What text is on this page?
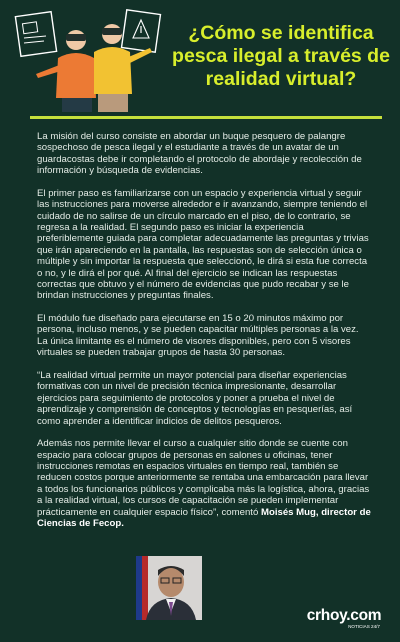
¿Cómo se identifica pesca ilegal a través de realidad virtual?

La misión del curso consiste en abordar un buque pesquero de palangre sospechoso de pesca ilegal y el estudiante a través de un avatar de un guardacostas debe ir completando el protocolo de abordaje y recolección de información y búsqueda de evidencias.

El primer paso es familiarizarse con un espacio y experiencia virtual y seguir las instrucciones para moverse alrededor e ir avanzando, siempre teniendo el cuidado de no salirse de un círculo marcado en el piso, de lo contrario, se regresa a la realidad. El segundo paso es iniciar la experiencia preferiblemente guiada para completar adecuadamente las preguntas y trivias que irán apareciendo en la pantalla, las respuestas son de selección única o múltiple y sin importar la respuesta que seleccionó, le dirá si esta fue correcta o no, y le dirá el por qué. Al final del ejercicio se indican las respuestas correctas que obtuvo y el número de evidencias que pudo recabar y se le brindan instrucciones y preguntas finales.

El módulo fue diseñado para ejecutarse en 15 o 20 minutos máximo por persona, incluso menos, y se pueden capacitar múltiples personas a la vez. La única limitante es el número de visores disponibles, pero con 5 visores virtuales se pueden trabajar grupos de hasta 30 personas.

“La realidad virtual permite un mayor potencial para diseñar experiencias formativas con un nivel de precisión técnica impresionante, desarrollar ejercicios para seguimiento de protocolos y poner a prueba el nivel de aprendizaje y comprensión de conceptos y tecnologías en pesquerías, así como aprender a identificar indicios de delitos pesqueros.

Además nos permite llevar el curso a cualquier sitio donde se cuente con espacio para colocar grupos de personas en salones u oficinas, tener instrucciones remotas en espacios virtuales en tiempo real, también se reducen costos porque anteriormente se rentaba una embarcación para llevar a todos los funcionarios públicos y complicaba más la logística, ahora, gracias a la realidad virtual, los cursos de capacitación se pueden implementar prácticamente en cualquier espacio físico”, comentó Moisés Mug, director de Ciencias de Fecop.

crhoy.com
NOTICIAS 24/7
